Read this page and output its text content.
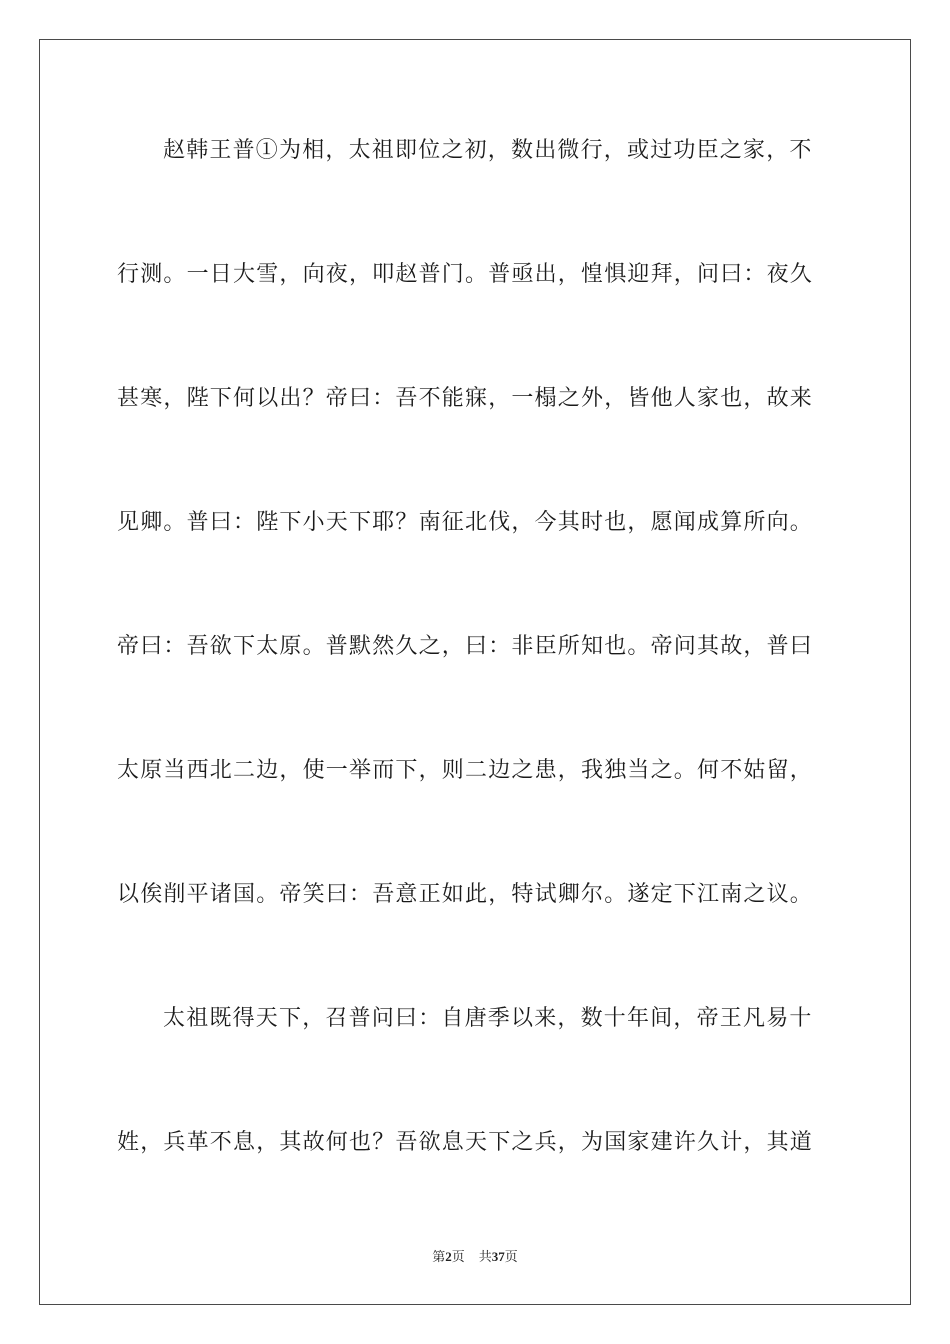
赵韩王普①为相，太祖即位之初，数出微行，或过功臣之家，不
行测。一日大雪，向夜，叩赵普门。普亟出，惶惧迎拜，问曰：夜久
甚寒，陛下何以出？帝曰：吾不能寐，一榻之外，皆他人家也，故来
见卿。普曰：陛下小天下耶？南征北伐，今其时也，愿闻成算所向。
帝曰：吾欲下太原。普默然久之，曰：非臣所知也。帝问其故，普曰
太原当西北二边，使一举而下，则二边之患，我独当之。何不姑留，
以俟削平诸国。帝笑曰：吾意正如此，特试卿尔。遂定下江南之议。
太祖既得天下，召普问曰：自唐季以来，数十年间，帝王凡易十
姓，兵革不息，其故何也？吾欲息天下之兵，为国家建许久计，其道
第2页 共37页
